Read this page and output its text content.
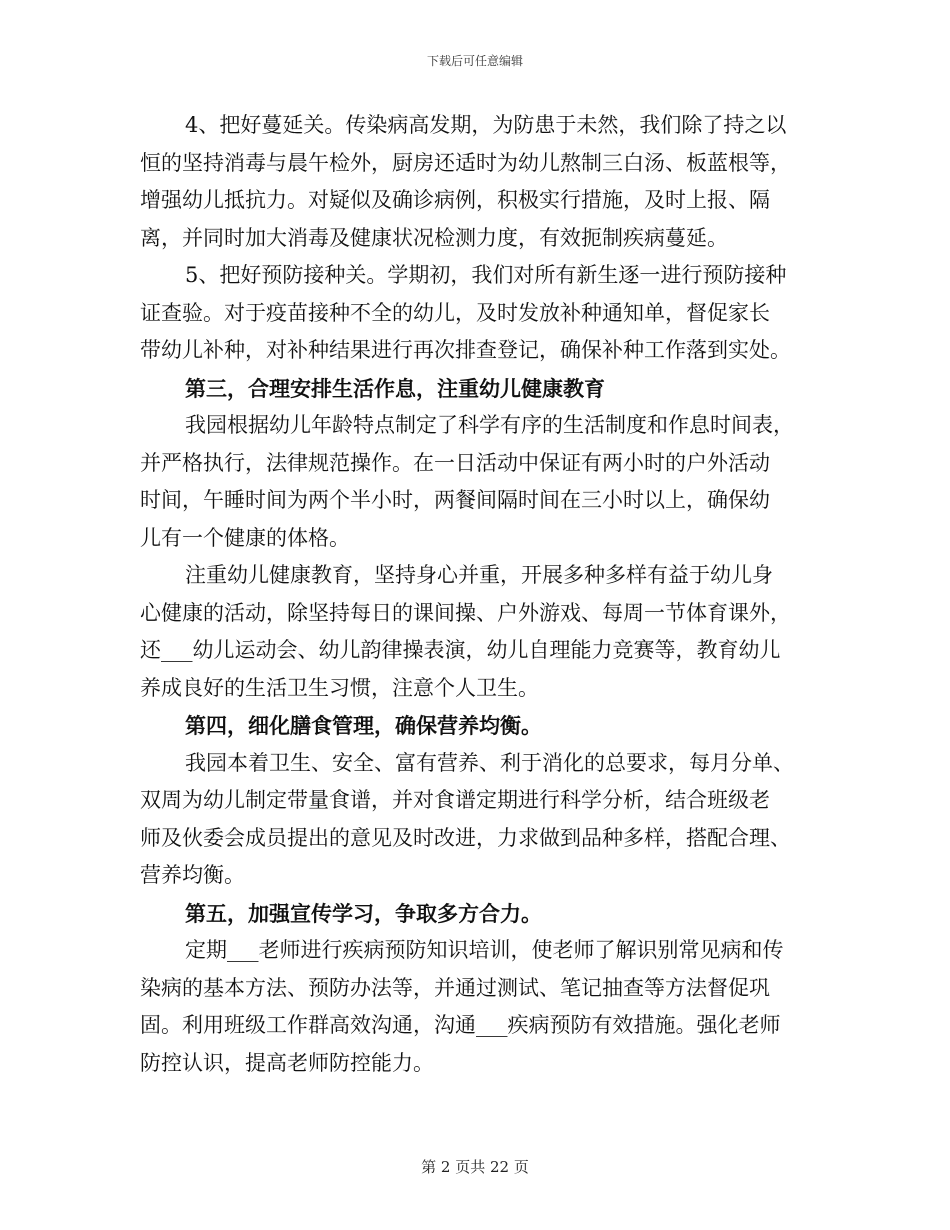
下载后可任意编辑
4、把好蔓延关。传染病高发期，为防患于未然，我们除了持之以
恒的坚持消毒与晨午检外，厨房还适时为幼儿熬制三白汤、板蓝根等，
增强幼儿抵抗力。对疑似及确诊病例，积极实行措施，及时上报、隔
离，并同时加大消毒及健康状况检测力度，有效扼制疾病蔓延。
5、把好预防接种关。学期初，我们对所有新生逐一进行预防接种
证查验。对于疫苗接种不全的幼儿，及时发放补种通知单，督促家长
带幼儿补种，对补种结果进行再次排查登记，确保补种工作落到实处。
第三，合理安排生活作息，注重幼儿健康教育
我园根据幼儿年龄特点制定了科学有序的生活制度和作息时间表，
并严格执行，法律规范操作。在一日活动中保证有两小时的户外活动
时间，午睡时间为两个半小时，两餐间隔时间在三小时以上，确保幼
儿有一个健康的体格。
注重幼儿健康教育，坚持身心并重，开展多种多样有益于幼儿身
心健康的活动，除坚持每日的课间操、户外游戏、每周一节体育课外，
还___幼儿运动会、幼儿韵律操表演，幼儿自理能力竞赛等，教育幼儿
养成良好的生活卫生习惯，注意个人卫生。
第四，细化膳食管理，确保营养均衡。
我园本着卫生、安全、富有营养、利于消化的总要求，每月分单、
双周为幼儿制定带量食谱，并对食谱定期进行科学分析，结合班级老
师及伙委会成员提出的意见及时改进，力求做到品种多样，搭配合理、
营养均衡。
第五，加强宣传学习，争取多方合力。
定期___老师进行疾病预防知识培训，使老师了解识别常见病和传
染病的基本方法、预防办法等，并通过测试、笔记抽查等方法督促巩
固。利用班级工作群高效沟通，沟通___疾病预防有效措施。强化老师
防控认识，提高老师防控能力。
第 2 页共 22 页
